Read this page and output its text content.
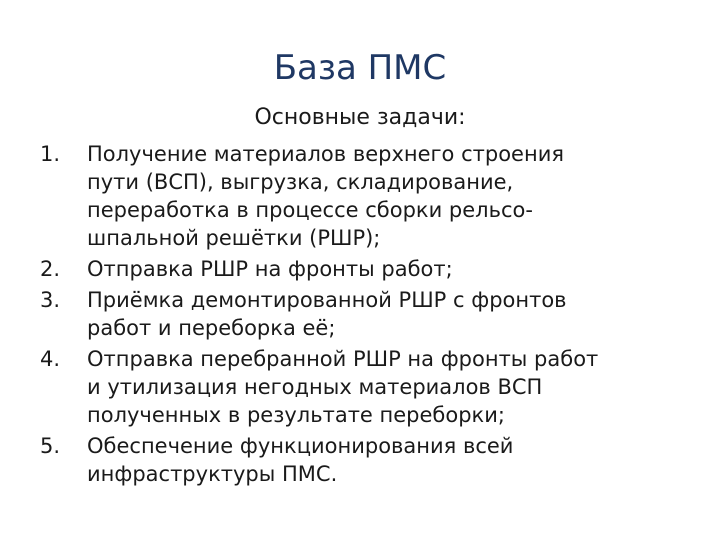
База ПМС
Основные задачи:
1.	Получение материалов верхнего строения
пути (ВСП), выгрузка, складирование,
переработка в процессе сборки рельсо-
шпальной решётки (РШР);
2.	Отправка РШР на фронты работ;
3.	Приёмка демонтированной РШР с фронтов
работ и переборка её;
4.	Отправка перебранной РШР на фронты работ
и утилизация негодных материалов ВСП
полученных в результате переборки;
5.	Обеспечение функционирования всей
инфраструктуры ПМС.
